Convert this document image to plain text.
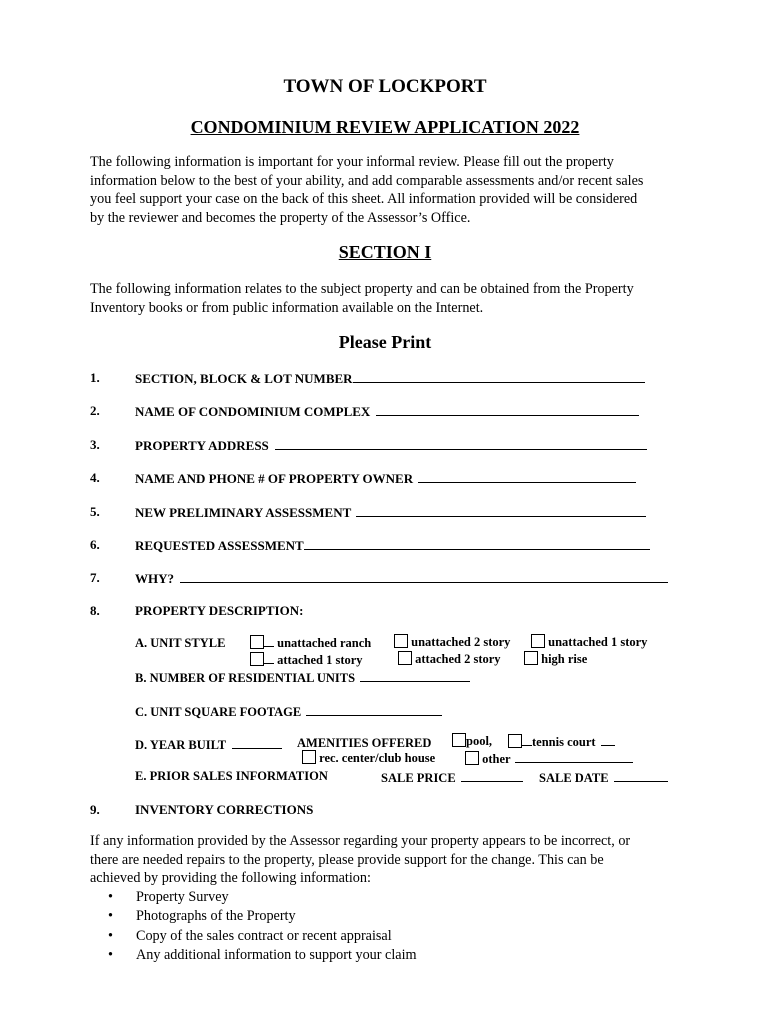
TOWN OF LOCKPORT
CONDOMINIUM REVIEW APPLICATION 2022
The following information is important for your informal review. Please fill out the property
information below to the best of your ability, and add comparable assessments and/or recent sales
you feel support your case on the back of this sheet. All information provided will be considered
by the reviewer and becomes the property of the Assessor’s Office.
SECTION I
The following information relates to the subject property and can be obtained from the Property
Inventory books or from public information available on the Internet.
Please Print
1.	SECTION, BLOCK & LOT NUMBER
2.	NAME OF CONDOMINIUM COMPLEX
3.	PROPERTY ADDRESS
4.	NAME AND PHONE # OF PROPERTY OWNER
5.	NEW PRELIMINARY ASSESSMENT
6.	REQUESTED ASSESSMENT
7.	WHY?
8.	PROPERTY DESCRIPTION:
A. UNIT STYLE	unattached ranch	unattached 2 story	unattached 1 story
attached 1 story	attached 2 story	high rise
B. NUMBER OF RESIDENTIAL UNITS
C. UNIT SQUARE FOOTAGE
D. YEAR BUILT	AMENITIES OFFERED	pool,	tennis court
rec. center/club house	other
E. PRIOR SALES INFORMATION	SALE PRICE	SALE DATE
9.	INVENTORY CORRECTIONS
If any information provided by the Assessor regarding your property appears to be incorrect, or
there are needed repairs to the property, please provide support for the change. This can be
achieved by providing the following information:
• Property Survey
• Photographs of the Property
• Copy of the sales contract or recent appraisal
• Any additional information to support your claim
